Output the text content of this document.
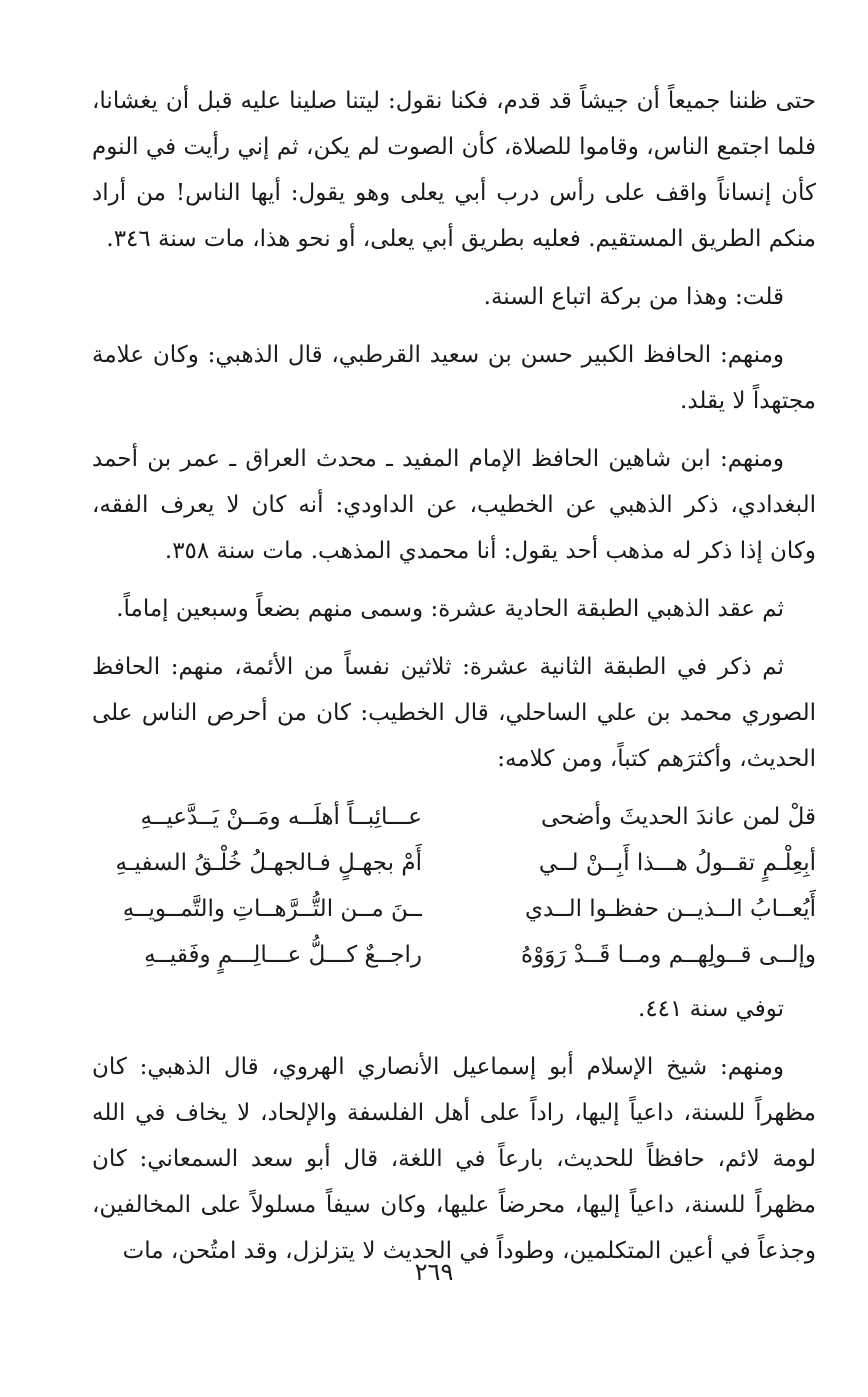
حتى ظننا جميعاً أن جيشاً قد قدم، فكنا نقول: ليتنا صلينا عليه قبل أن يغشانا، فلما اجتمع الناس، وقاموا للصلاة، كأن الصوت لم يكن، ثم إني رأيت في النوم كأن إنساناً واقف على رأس درب أبي يعلى وهو يقول: أيها الناس! من أراد منكم الطريق المستقيم. فعليه بطريق أبي يعلى، أو نحو هذا، مات سنة ٣٤٦.

قلت: وهذا من بركة اتباع السنة.

ومنهم: الحافظ الكبير حسن بن سعيد القرطبي، قال الذهبي: وكان علامة مجتهداً لا يقلد.

ومنهم: ابن شاهين الحافظ الإمام المفيد ـ محدث العراق ـ عمر بن أحمد البغدادي، ذكر الذهبي عن الخطيب، عن الداودي: أنه كان لا يعرف الفقه، وكان إذا ذكر له مذهب أحد يقول: أنا محمدي المذهب. مات سنة ٣٥٨.

ثم عقد الذهبي الطبقة الحادية عشرة: وسمى منهم بضعاً وسبعين إماماً.

ثم ذكر في الطبقة الثانية عشرة: ثلاثين نفساً من الأئمة، منهم: الحافظ الصوري محمد بن علي الساحلي، قال الخطيب: كان من أحرص الناس على الحديث، وأكثرَهم كتباً، ومن كلامه:

قلْ لمن عاندَ الحديثَ وأضحى
عـــائِبــاً أهلَــه ومَــنْ يَــدَّعيــهِ
أبِعِلْـمٍ تقــولُ هـــذا أَبِــنْ لــي
أَمْ بجهـلٍ فـالجهـلُ خُلْـقُ السفيـهِ
أَيُعــابُ الــذيــن حفظـوا الــدي
ــنَ مــن التُّــرَّهــاتِ والتَّمــويــهِ
وإلــى قــولِهــم ومــا قَــدْ رَوَوْهُ
راجــعٌ كـــلُّ عـــالِـــمٍ وفَقيــهِ

توفي سنة ٤٤١.

ومنهم: شيخ الإسلام أبو إسماعيل الأنصاري الهروي، قال الذهبي: كان مظهراً للسنة، داعياً إليها، راداً على أهل الفلسفة والإلحاد، لا يخاف في الله لومة لائم، حافظاً للحديث، بارعاً في اللغة، قال أبو سعد السمعاني: كان مظهراً للسنة، داعياً إليها، محرضاً عليها، وكان سيفاً مسلولاً على المخالفين، وجذعاً في أعين المتكلمين، وطوداً في الحديث لا يتزلزل، وقد امتُحن، مات

٢٦٩
